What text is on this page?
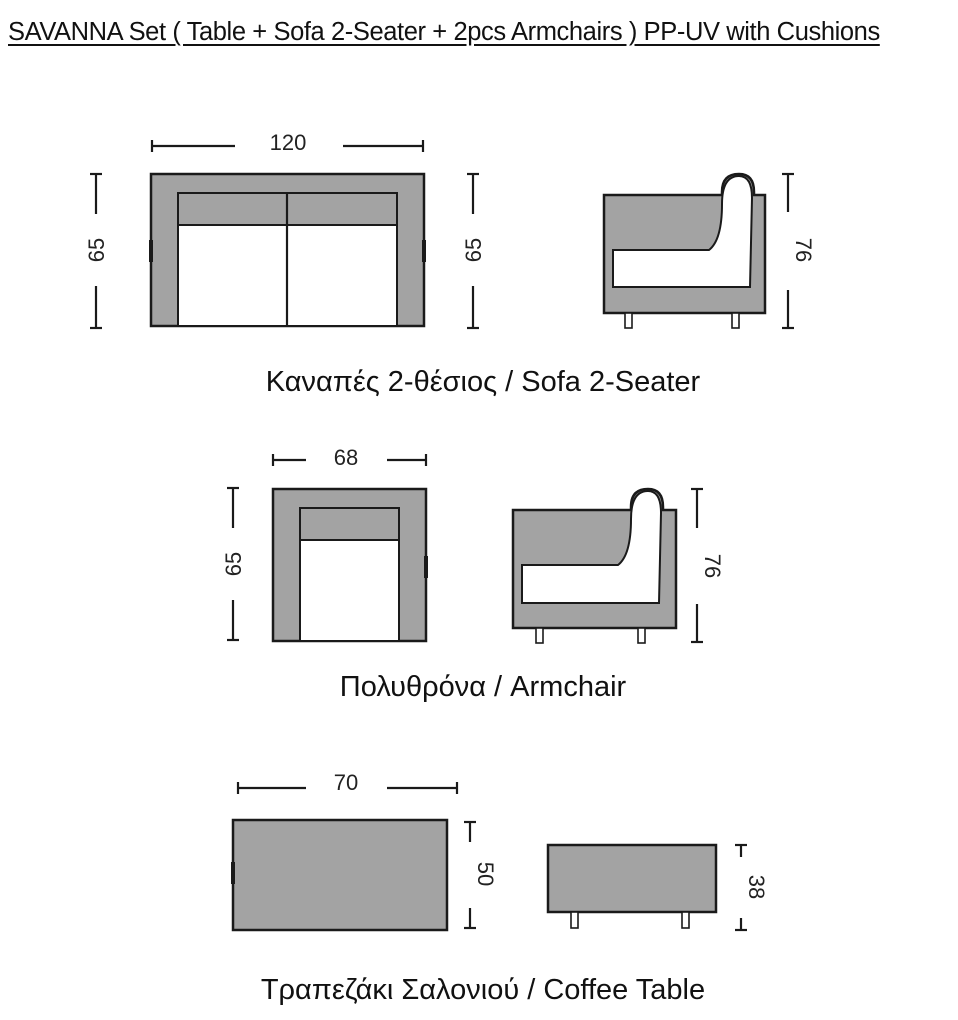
SAVANNA Set ( Table + Sofa 2-Seater + 2pcs Armchairs ) PP-UV with Cushions
120
65	65	76
Καναπές 2-θέσιος / Sofa 2-Seater
68
65	76
Πολυθρόνα / Armchair
70
50
38
Τραπεζάκι Σαλονιού / Coffee Table
